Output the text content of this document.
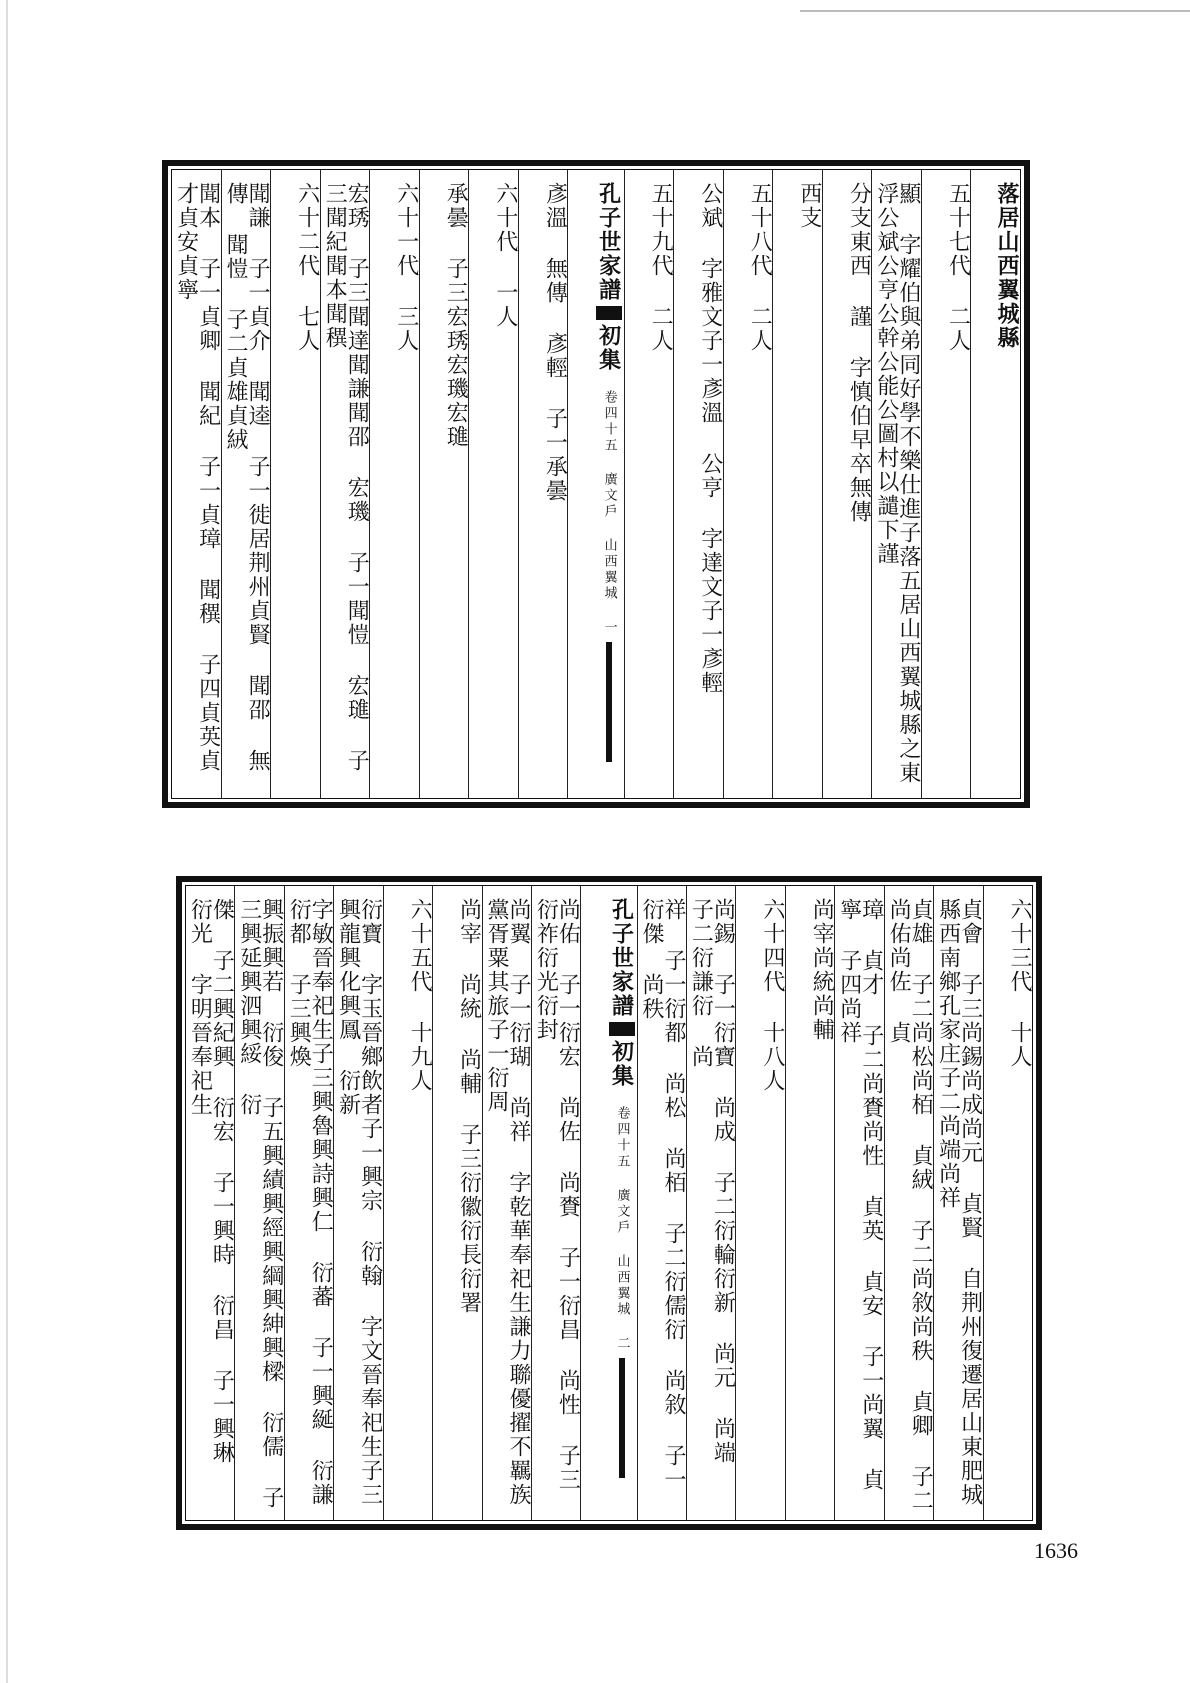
落居山西翼城縣
五十七代 二人
顯 字耀伯與弟同好學不樂仕進子落五居山西翼城縣之東浮公斌公亨公幹公能公圖村以譴下謹
分支東西 謹 字慎伯早卒無傳
西支
五十八代 二人
公斌 字雅文子一彥溫 公亨 字達文子一彥輕
五十九代 二人
孔子世家譜初集 卷四十五 廣文戶 山西翼城 一
彥溫 無傳 彥輕 子一承曇
六十代 一人
承曇 子三宏琇宏璣宏璡
六十一代 三人
宏琇 子三聞達聞謙聞邵 宏璣 子一聞愷 宏璡 子三聞紀聞本聞穓
六十二代 七人
聞謙 子一貞介 聞逵 子一徙居荆州貞賢 聞邵 無傳 聞愷 子二貞雄貞絨
聞本 子一貞卿 聞紀 子一貞璋 聞穓 子四貞英貞才貞安貞寧
六十三代 十人
貞會 子三尚錫尚成尚元 貞賢 自荆州復遷居山東肥城縣西南鄉孔家庄子二尚端尚祥
貞雄 子二尚松尚栢 貞絨 子二尚敘尚秩 貞卿 子二尚佑尚佐 貞
璋 貞才 子二尚賚尚性 貞英 貞安 子一尚翼 貞寧 子四尚祥
尚宰尚統尚輔
六十四代 十八人
尚錫 子一衍寶 尚成 子二衍輪衍新 尚元 尚端 子二衍謙衍 尚
祥 子一衍都 尚松 尚栢 子二衍儒衍 尚敘 子一衍傑 尚秩
孔子世家譜初集 卷四十五 廣文戶 山西翼城 二
尚佑 子一衍宏 尚佐 尚賚 子一衍昌 尚性 子三衍祚衍光衍封
尚翼 子一衍瑚 尚祥 字乾華奉祀生謙力聯優擢不羈族黨胥粟其旅子一衍周
尚宰 尚統 尚輔 子三衍徽衍長衍署
六十五代 十九人
衍寶 字玉晉鄉飲者子一興宗 衍翰 字文晉奉祀生子三興龍興化興鳳 衍新
字敏晉奉祀生子三興魯興詩興仁 衍蕃 子一興綖 衍謙 衍都 子三興煥
興振興若 衍俊 子五興績興經興綱興紳興樑 衍儒 子三興延興泗興綏 衍
傑 子二興紀興 衍宏 子一興時 衍昌 子一興琳 衍光 字明晉奉祀生
1636
